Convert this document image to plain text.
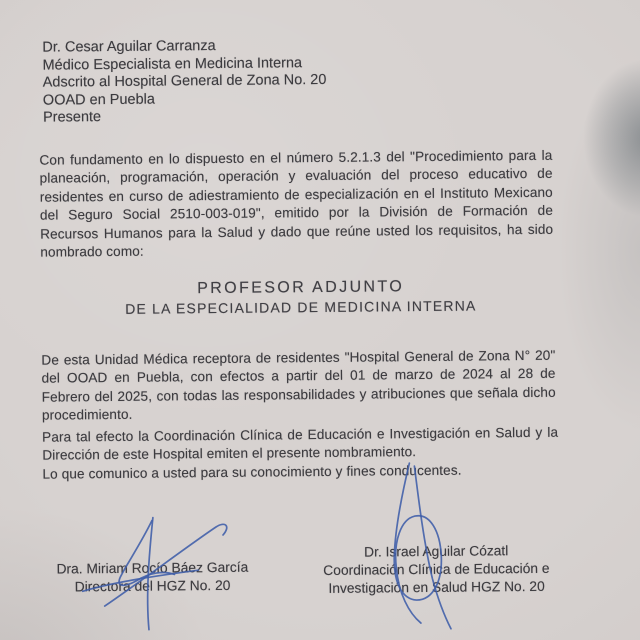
Dr. Cesar Aguilar Carranza
Médico Especialista en Medicina Interna
Adscrito al Hospital General de Zona No. 20
OOAD en Puebla
Presente

Con fundamento en lo dispuesto en el número 5.2.1.3 del "Procedimiento para la planeación, programación, operación y evaluación del proceso educativo de residentes en curso de adiestramiento de especialización en el Instituto Mexicano del Seguro Social 2510-003-019", emitido por la División de Formación de Recursos Humanos para la Salud y dado que reúne usted los requisitos, ha sido nombrado como:

PROFESOR ADJUNTO
DE LA ESPECIALIDAD DE MEDICINA INTERNA

De esta Unidad Médica receptora de residentes "Hospital General de Zona N° 20" del OOAD en Puebla, con efectos a partir del 01 de marzo de 2024 al 28 de Febrero del 2025, con todas las responsabilidades y atribuciones que señala dicho procedimiento.

Para tal efecto la Coordinación Clínica de Educación e Investigación en Salud y la Dirección de este Hospital emiten el presente nombramiento.

Lo que comunico a usted para su conocimiento y fines conducentes.

Dra. Miriam Rocío Báez García
Directora del HGZ No. 20
Dr. Israel Aguilar Cózatl
Coordinación Clínica de Educación e
Investigación en Salud HGZ No. 20
